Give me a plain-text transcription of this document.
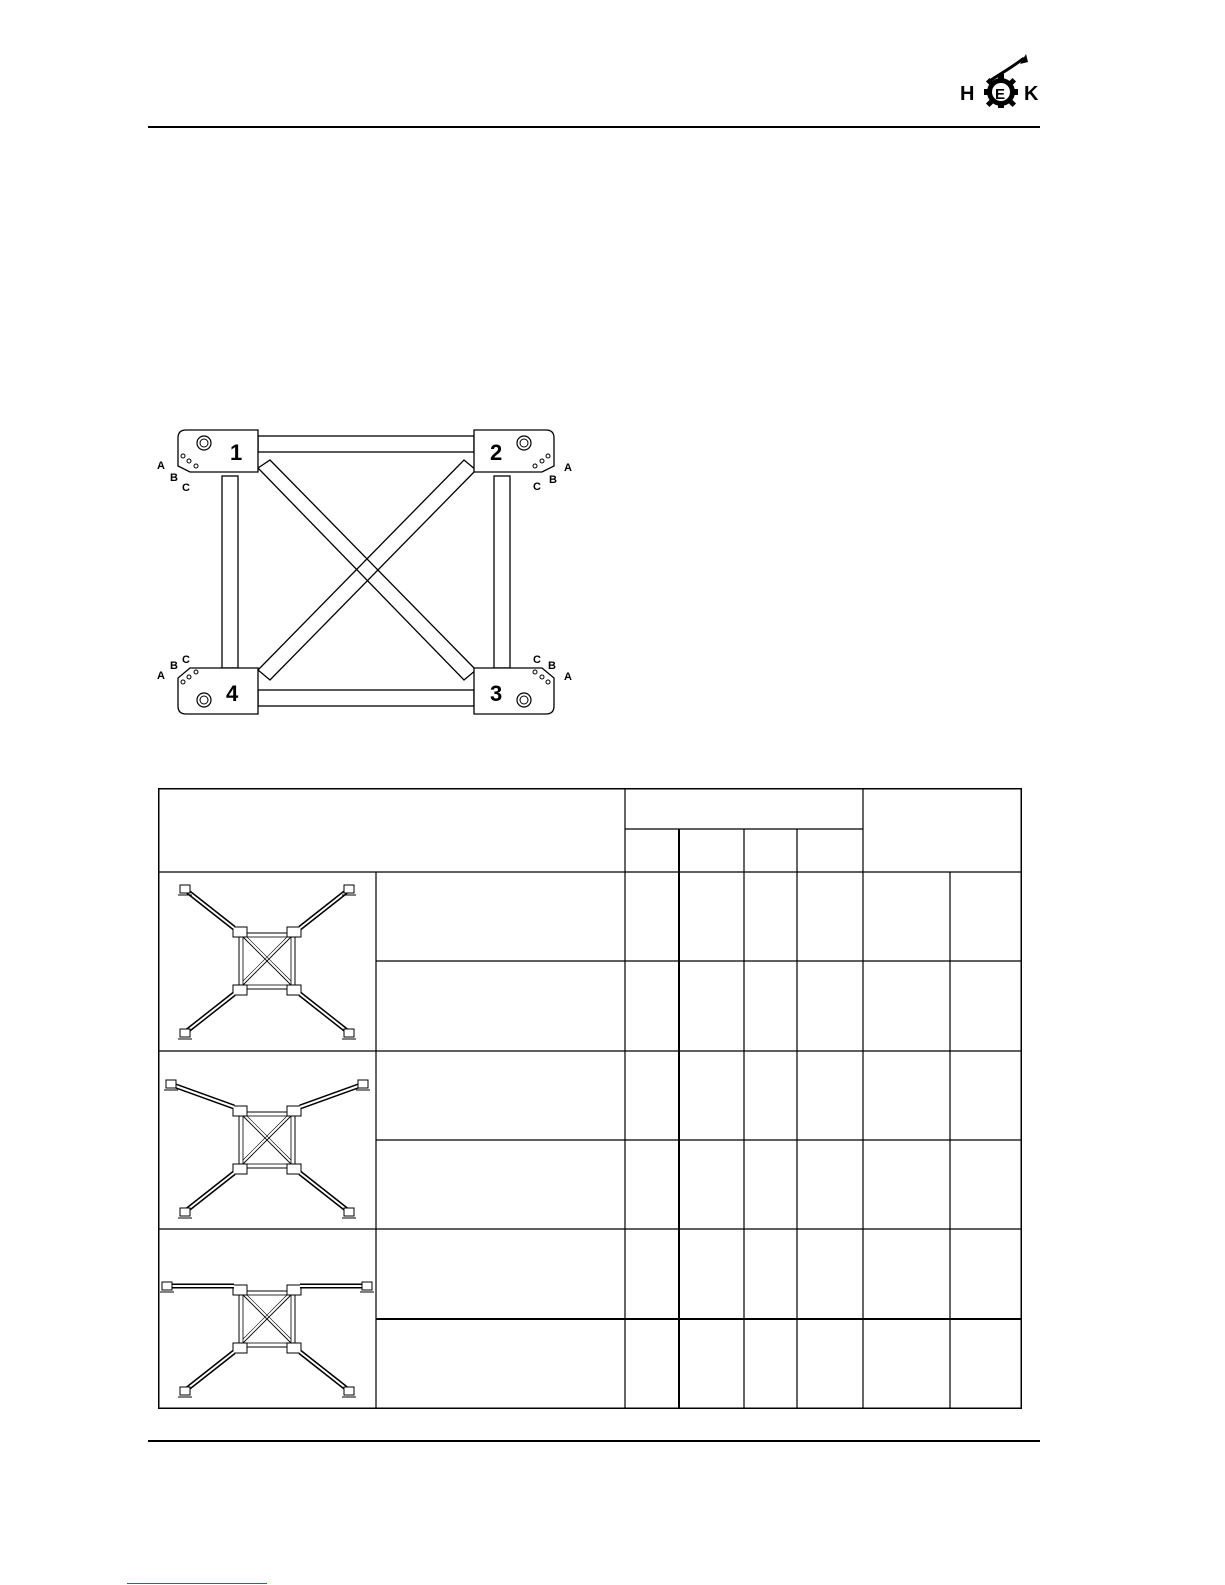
H E K
1
A
B
C
2
A
B
C
3
A
B
C
4
A
B C
